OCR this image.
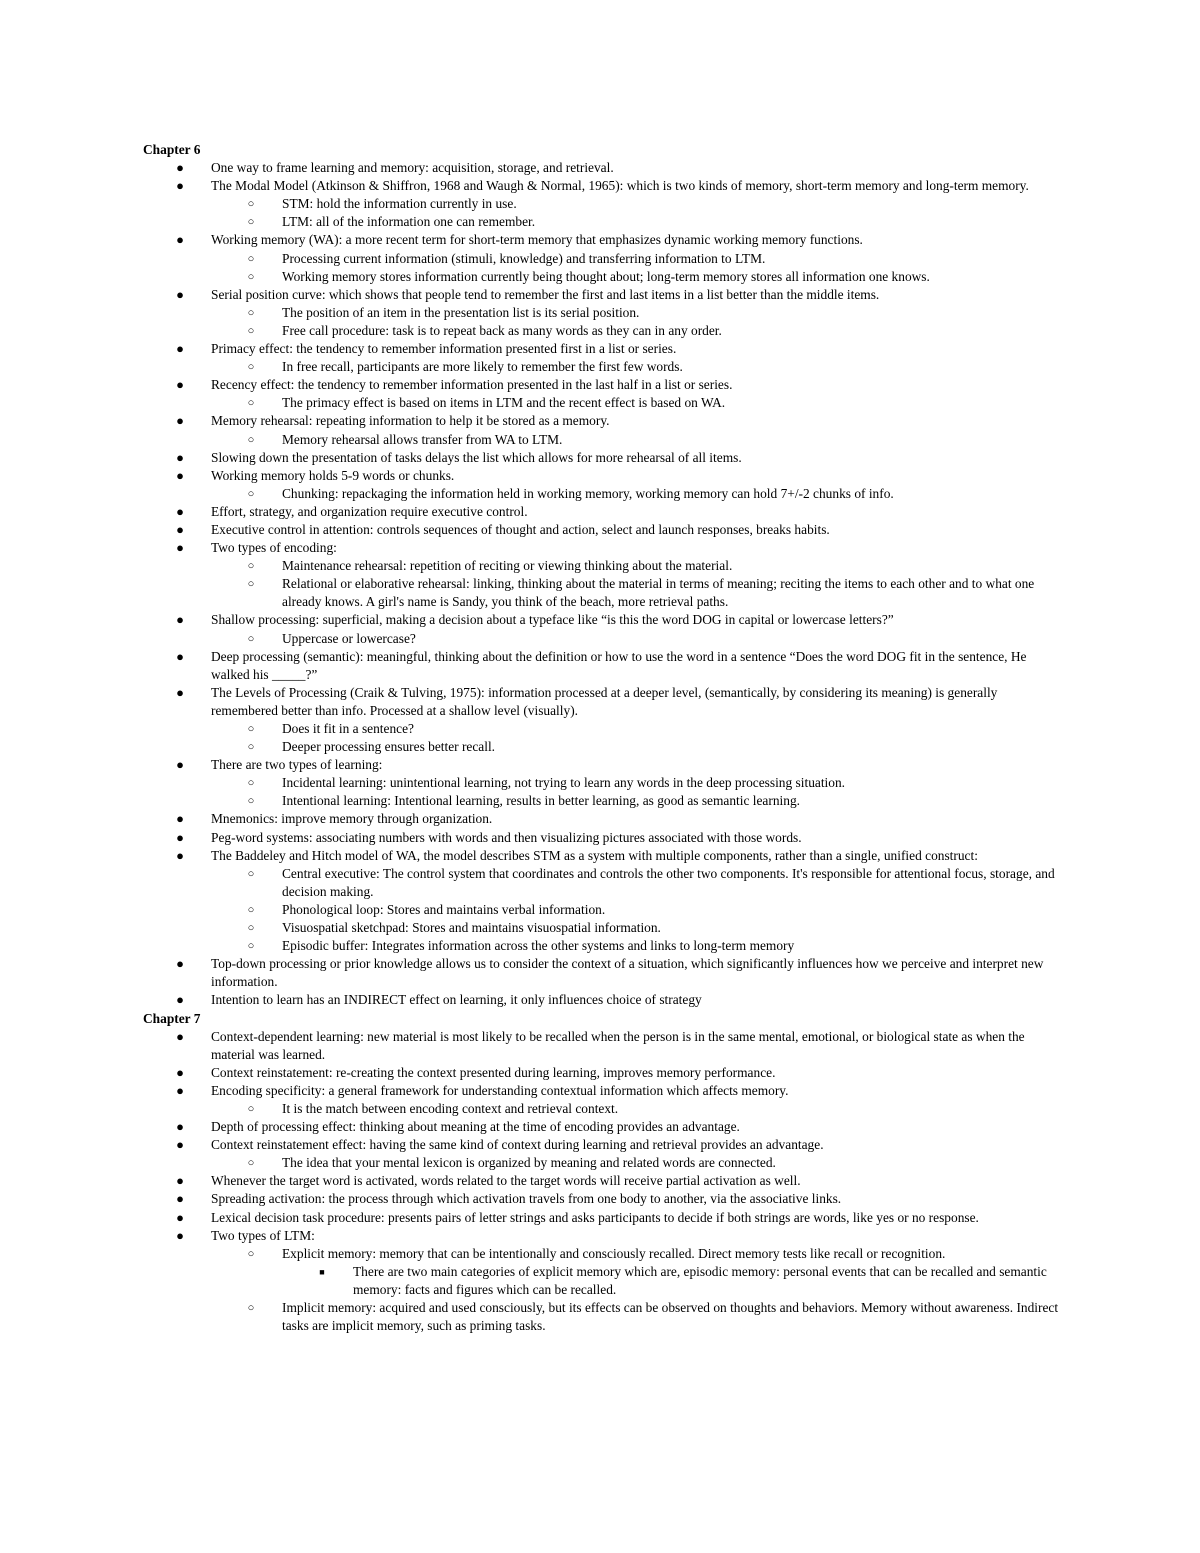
Chapter 6
● One way to frame learning and memory: acquisition, storage, and retrieval.
● The Modal Model (Atkinson & Shiffron, 1968 and Waugh & Normal, 1965): which is two kinds of memory, short-term memory and long-term memory.
○ STM: hold the information currently in use.
○ LTM: all of the information one can remember.
● Working memory (WA): a more recent term for short-term memory that emphasizes dynamic working memory functions.
○ Processing current information (stimuli, knowledge) and transferring information to LTM.
○ Working memory stores information currently being thought about; long-term memory stores all information one knows.
● Serial position curve: which shows that people tend to remember the first and last items in a list better than the middle items.
○ The position of an item in the presentation list is its serial position.
○ Free call procedure: task is to repeat back as many words as they can in any order.
● Primacy effect: the tendency to remember information presented first in a list or series.
○ In free recall, participants are more likely to remember the first few words.
● Recency effect: the tendency to remember information presented in the last half in a list or series.
○ The primacy effect is based on items in LTM and the recent effect is based on WA.
● Memory rehearsal: repeating information to help it be stored as a memory.
○ Memory rehearsal allows transfer from WA to LTM.
● Slowing down the presentation of tasks delays the list which allows for more rehearsal of all items.
● Working memory holds 5-9 words or chunks.
○ Chunking: repackaging the information held in working memory, working memory can hold 7+/-2 chunks of info.
● Effort, strategy, and organization require executive control.
● Executive control in attention: controls sequences of thought and action, select and launch responses, breaks habits.
● Two types of encoding:
○ Maintenance rehearsal: repetition of reciting or viewing thinking about the material.
○ Relational or elaborative rehearsal: linking, thinking about the material in terms of meaning; reciting the items to each other and to what one already knows. A girl's name is Sandy, you think of the beach, more retrieval paths.
● Shallow processing: superficial, making a decision about a typeface like “is this the word DOG in capital or lowercase letters?”
○ Uppercase or lowercase?
● Deep processing (semantic): meaningful, thinking about the definition or how to use the word in a sentence “Does the word DOG fit in the sentence, He walked his _____?”
● The Levels of Processing (Craik & Tulving, 1975): information processed at a deeper level, (semantically, by considering its meaning) is generally remembered better than info. Processed at a shallow level (visually).
○ Does it fit in a sentence?
○ Deeper processing ensures better recall.
● There are two types of learning:
○ Incidental learning: unintentional learning, not trying to learn any words in the deep processing situation.
○ Intentional learning: Intentional learning, results in better learning, as good as semantic learning.
● Mnemonics: improve memory through organization.
● Peg-word systems: associating numbers with words and then visualizing pictures associated with those words.
● The Baddeley and Hitch model of WA, the model describes STM as a system with multiple components, rather than a single, unified construct:
○ Central executive: The control system that coordinates and controls the other two components. It's responsible for attentional focus, storage, and decision making.
○ Phonological loop: Stores and maintains verbal information.
○ Visuospatial sketchpad: Stores and maintains visuospatial information.
○ Episodic buffer: Integrates information across the other systems and links to long-term memory
● Top-down processing or prior knowledge allows us to consider the context of a situation, which significantly influences how we perceive and interpret new information.
● Intention to learn has an INDIRECT effect on learning, it only influences choice of strategy
Chapter 7
● Context-dependent learning: new material is most likely to be recalled when the person is in the same mental, emotional, or biological state as when the material was learned.
● Context reinstatement: re-creating the context presented during learning, improves memory performance.
● Encoding specificity: a general framework for understanding contextual information which affects memory.
○ It is the match between encoding context and retrieval context.
● Depth of processing effect: thinking about meaning at the time of encoding provides an advantage.
● Context reinstatement effect: having the same kind of context during learning and retrieval provides an advantage.
○ The idea that your mental lexicon is organized by meaning and related words are connected.
● Whenever the target word is activated, words related to the target words will receive partial activation as well.
● Spreading activation: the process through which activation travels from one body to another, via the associative links.
● Lexical decision task procedure: presents pairs of letter strings and asks participants to decide if both strings are words, like yes or no response.
● Two types of LTM:
○ Explicit memory: memory that can be intentionally and consciously recalled. Direct memory tests like recall or recognition.
■ There are two main categories of explicit memory which are, episodic memory: personal events that can be recalled and semantic memory: facts and figures which can be recalled.
○ Implicit memory: acquired and used consciously, but its effects can be observed on thoughts and behaviors. Memory without awareness. Indirect tasks are implicit memory, such as priming tasks.
